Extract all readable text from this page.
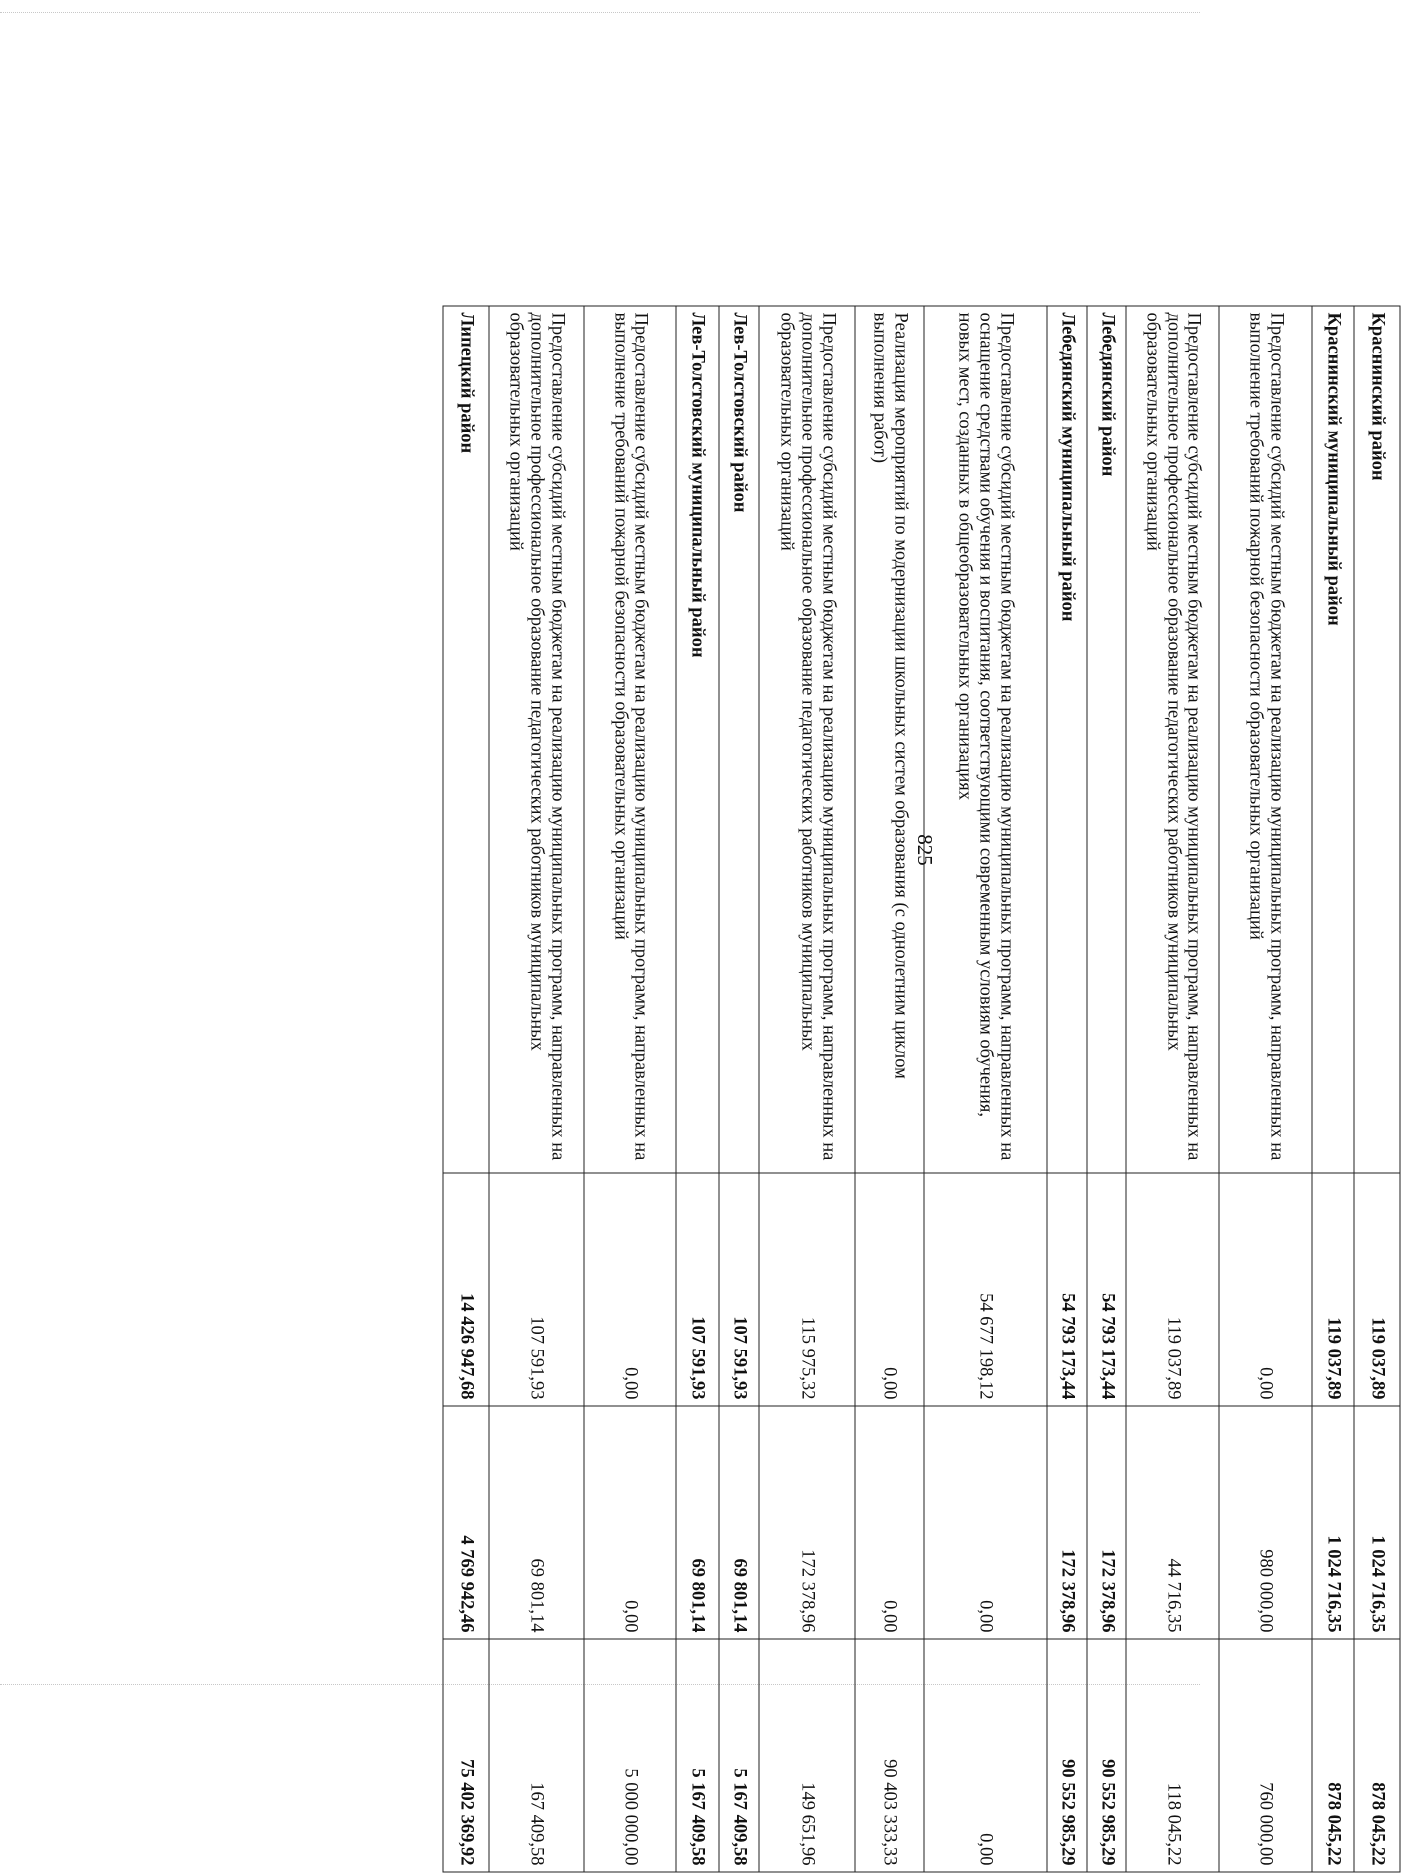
825
Краснинский район	119 037,89	1 024 716,35	878 045,22
Краснинский муниципальный район	119 037,89	1 024 716,35	878 045,22
Предоставление субсидий местным бюджетам на реализацию муниципальных программ, направленных на выполнение требований пожарной безопасности образовательных организаций	0,00	980 000,00	760 000,00
Предоставление субсидий местным бюджетам на реализацию муниципальных программ, направленных на дополнительное профессиональное образование педагогических работников муниципальных образовательных организаций	119 037,89	44 716,35	118 045,22
Лебедянский район	54 793 173,44	172 378,96	90 552 985,29
Лебедянский муниципальный район	54 793 173,44	172 378,96	90 552 985,29
Предоставление субсидий местным бюджетам на реализацию муниципальных программ, направленных на оснащение средствами обучения и воспитания, соответствующими современным условиям обучения, новых мест, созданных в общеобразовательных организациях	54 677 198,12	0,00	0,00
Реализация мероприятий по модернизации школьных систем образования (с однолетним циклом выполнения работ)	0,00	0,00	90 403 333,33
Предоставление субсидий местным бюджетам на реализацию муниципальных программ, направленных на дополнительное профессиональное образование педагогических работников муниципальных образовательных организаций	115 975,32	172 378,96	149 651,96
Лев-Толстовский район	107 591,93	69 801,14	5 167 409,58
Лев-Толстовский муниципальный район	107 591,93	69 801,14	5 167 409,58
Предоставление субсидий местным бюджетам на реализацию муниципальных программ, направленных на выполнение требований пожарной безопасности образовательных организаций	0,00	0,00	5 000 000,00
Предоставление субсидий местным бюджетам на реализацию муниципальных программ, направленных на дополнительное профессиональное образование педагогических работников муниципальных образовательных организаций	107 591,93	69 801,14	167 409,58
Липецкий район	14 426 947,68	4 769 942,46	75 402 369,92
